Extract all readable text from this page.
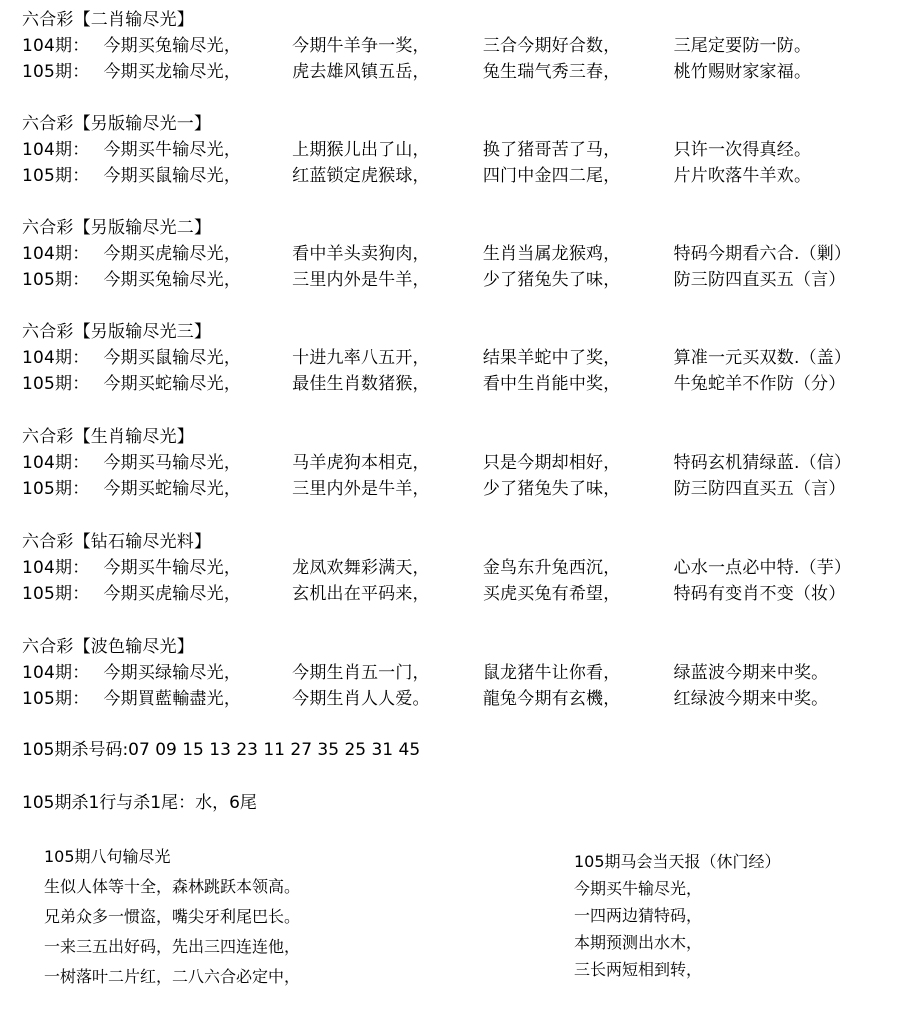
六合彩【二肖输尽光】
104期： 今期买兔输尽光，	今期牛羊争一奖，	三合今期好合数，	三尾定要防一防。
105期： 今期买龙输尽光，	虎去雄风镇五岳，	兔生瑞气秀三春，	桃竹赐财家家福。
六合彩【另版输尽光一】
104期： 今期买牛输尽光，	上期猴儿出了山，	换了猪哥苦了马，	只许一次得真经。
105期： 今期买鼠输尽光，	红蓝锁定虎猴球，	四门中金四二尾，	片片吹落牛羊欢。
六合彩【另版输尽光二】
104期： 今期买虎输尽光，	看中羊头卖狗肉，	生肖当属龙猴鸡，	特码今期看六合.（剿）
105期： 今期买兔输尽光，	三里内外是牛羊，	少了猪兔失了味，	防三防四直买五（言）
六合彩【另版输尽光三】
104期： 今期买鼠输尽光，	十进九率八五开，	结果羊蛇中了奖，	算准一元买双数.（盖）
105期： 今期买蛇输尽光，	最佳生肖数猪猴，	看中生肖能中奖，	牛兔蛇羊不作防（分）
六合彩【生肖输尽光】
104期： 今期买马输尽光，	马羊虎狗本相克，	只是今期却相好，	特码玄机猜绿蓝.（信）
105期： 今期买蛇输尽光，	三里内外是牛羊，	少了猪兔失了味，	防三防四直买五（言）
六合彩【钻石输尽光料】
104期： 今期买牛输尽光，	龙凤欢舞彩满天，	金鸟东升兔西沉，	心水一点必中特.（芋）
105期： 今期买虎输尽光，	玄机出在平码来，	买虎买兔有希望，	特码有变肖不变（妆）
六合彩【波色输尽光】
104期： 今期买绿输尽光，	今期生肖五一门，	鼠龙猪牛让你看，	绿蓝波今期来中奖。
105期： 今期買藍輸盡光，	今期生肖人人爱。	龍兔今期有玄機，	红绿波今期来中奖。
105期杀号码:07 09 15 13 23 11 27 35 25 31 45
105期杀1行与杀1尾：水，6尾
105期八句输尽光
生似人体等十全，森林跳跃本领高。
兄弟众多一惯盗，嘴尖牙利尾巴长。
一来三五出好码，先出三四连连他，
一树落叶二片红，二八六合必定中，
105期马会当天报（休门经）
今期买牛输尽光，
一四两边猜特码，
本期预测出水木，
三长两短相到转，
